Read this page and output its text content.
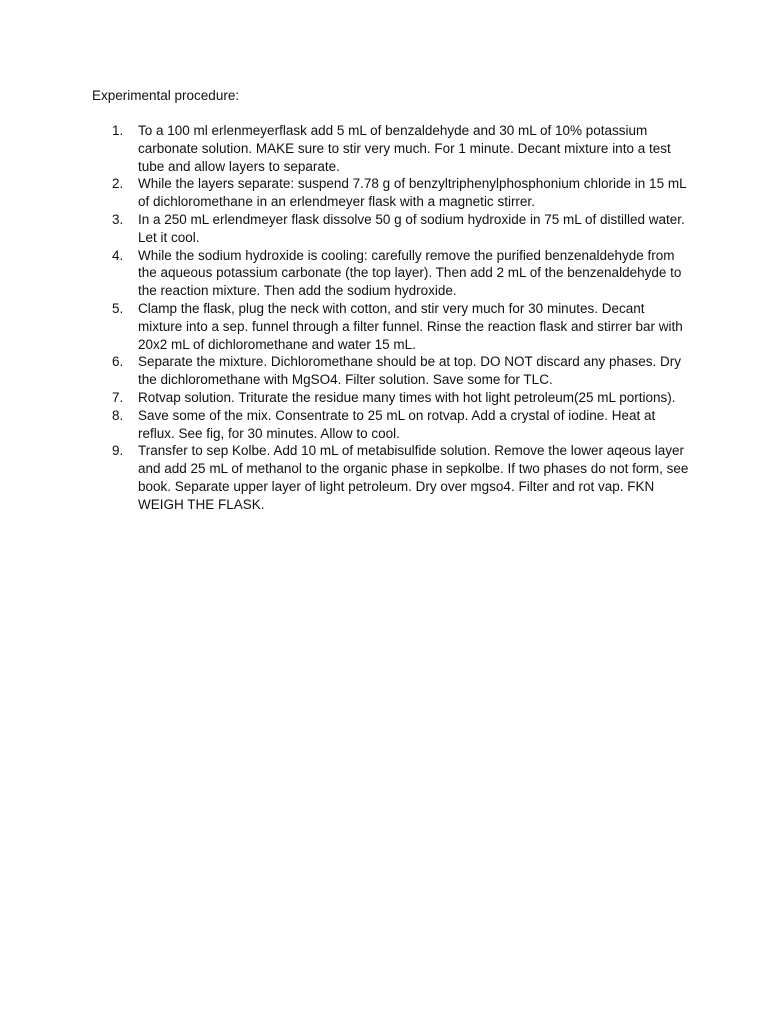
Experimental procedure:

1.	To a 100 ml erlenmeyerflask add 5 mL of benzaldehyde and 30 mL of 10% potassium carbonate solution. MAKE sure to stir very much. For 1 minute. Decant mixture into a test tube and allow layers to separate.
2.	While the layers separate: suspend 7.78 g of benzyltriphenylphosphonium chloride in 15 mL of dichloromethane in an erlendmeyer flask with a magnetic stirrer.
3.	In a 250 mL erlendmeyer flask dissolve 50 g of sodium hydroxide in 75 mL of distilled water. Let it cool.
4.	While the sodium hydroxide is cooling: carefully remove the purified benzenaldehyde from the aqueous potassium carbonate (the top layer). Then add 2 mL of the benzenaldehyde to the reaction mixture. Then add the sodium hydroxide.
5.	Clamp the flask, plug the neck with cotton, and stir very much for 30 minutes. Decant mixture into a sep. funnel through a filter funnel. Rinse the reaction flask and stirrer bar with 20x2 mL of dichloromethane and water 15 mL.
6.	Separate the mixture. Dichloromethane should be at top. DO NOT discard any phases. Dry the dichloromethane with MgSO4. Filter solution. Save some for TLC.
7.	Rotvap solution. Triturate the residue many times with hot light petroleum(25 mL portions).
8.	Save some of the mix. Consentrate to 25 mL on rotvap. Add a crystal of iodine. Heat at reflux. See fig, for 30 minutes. Allow to cool.
9.	Transfer to sep Kolbe. Add 10 mL of metabisulfide solution. Remove the lower aqeous layer and add 25 mL of methanol to the organic phase in sepkolbe. If two phases do not form, see book. Separate upper layer of light petroleum. Dry over mgso4. Filter and rot vap. FKN WEIGH THE FLASK.
